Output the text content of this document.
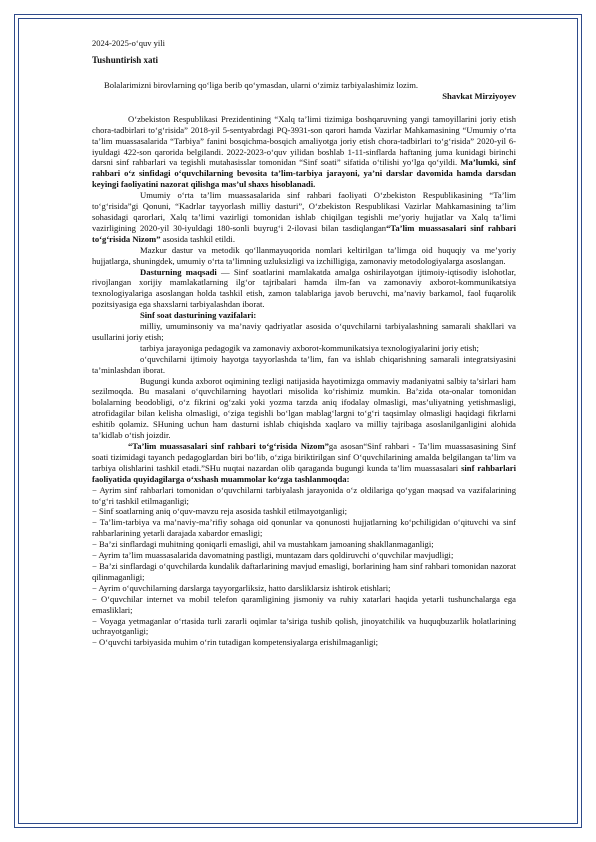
2024-2025-o‘quv yili

Tushuntirish xati

Bolalarimizni birovlarning qo‘liga berib qo‘ymasdan, ularni o‘zimiz tarbiyalashimiz lozim.

Shavkat Mirziyoyev

O‘zbekiston Respublikasi Prezidentining “Xalq ta’limi tizimiga boshqaruvning yangi tamoyillarini joriy etish chora-tadbirlari to‘g‘risida” 2018-yil 5-sentyabrdagi PQ-3931-son qarori hamda Vazirlar Mahkamasining “Umumiy o‘rta ta’lim muassasalarida “Tarbiya” fanini bosqichma-bosqich amaliyotga joriy etish chora-tadbirlari to‘g‘risida” 2020-yil 6-iyuldagi 422-son qarorida belgilandi. 2022-2023-o‘quv yilidan boshlab 1-11-sinflarda haftaning juma kunidagi birinchi darsni sinf rahbarlari va tegishli mutahasisslar tomonidan “Sinf soati” sifatida o‘tilishi yo‘lga qo‘yildi. Ma’lumki, sinf rahbari o‘z sinfidagi o‘quvchilarning bevosita ta’lim-tarbiya jarayoni, ya’ni darslar davomida hamda darsdan keyingi faoliyatini nazorat qilishga mas’ul shaxs hisoblanadi.

Umumiy o‘rta ta’lim muassasalarida sinf rahbari faoliyati O‘zbekiston Respublikasining “Ta’lim to‘g‘risida”gi Qonuni, “Kadrlar tayyorlash milliy dasturi”, O‘zbekiston Respublikasi Vazirlar Mahkamasining ta’lim sohasidagi qarorlari, Xalq ta’limi vazirligi tomonidan ishlab chiqilgan tegishli me’yoriy hujjatlar va Xalq ta’limi vazirligining 2020-yil 30-iyuldagi 180-sonli buyrug‘i 2-ilovasi bilan tasdiqlangan“Ta’lim muassasalari sinf rahbari to‘g‘risida Nizom” asosida tashkil etildi.

Mazkur dastur va metodik qo‘llanmayuqorida nomlari keltirilgan ta’limga oid huquqiy va me’yoriy hujjatlarga, shuningdek, umumiy o‘rta ta’limning uzluksizligi va izchilligiga, zamonaviy metodologiyalarga asoslangan.

Dasturning maqsadi — Sinf soatlarini mamlakatda amalga oshirilayotgan ijtimoiy-iqtisodiy islohotlar, rivojlangan xorijiy mamlakatlarning ilg‘or tajribalari hamda ilm-fan va zamonaviy axborot-kommunikatsiya texnologiyalariga asoslangan holda tashkil etish, zamon talablariga javob beruvchi, ma’naviy barkamol, faol fuqarolik pozitsiyasiga ega shaxslarni tarbiyalashdan iborat.

Sinf soat dasturining vazifalari:

milliy, umuminsoniy va ma’naviy qadriyatlar asosida o‘quvchilarni tarbiyalashning samarali shakllari va usullarini joriy etish;

tarbiya jarayoniga pedagogik va zamonaviy axborot-kommunikatsiya texnologiyalarini joriy etish;

o‘quvchilarni ijtimoiy hayotga tayyorlashda ta’lim, fan va ishlab chiqarishning samarali integratsiyasini ta’minlashdan iborat.

Bugungi kunda axborot oqimining tezligi natijasida hayotimizga ommaviy madaniyatni salbiy ta’sirlari ham sezilmoqda. Bu masalani o‘quvchilarning hayotlari misolida ko‘rishimiz mumkin. Ba’zida ota-onalar tomonidan bolalarning beodobligi, o‘z fikrini og‘zaki yoki yozma tarzda aniq ifodalay olmasligi, mas’uliyatning yetishmasligi, atrofidagilar bilan kelisha olmasligi, o‘ziga tegishli bo‘lgan mablag‘largni to‘g‘ri taqsimlay olmasligi haqidagi fikrlarni eshitib qolamiz. SHuning uchun ham dasturni ishlab chiqishda xaqlaro va milliy tajribaga asoslanilganligini alohida ta’kidlab o‘tish joizdir.

“Ta’lim muassasalari sinf rahbari to‘g‘risida Nizom”ga asosan“Sinf rahbari - Ta’lim muassasasining Sinf soati tizimidagi tayanch pedagoglardan biri bo‘lib, o‘ziga biriktirilgan sinf O‘quvchilarining amalda belgilangan ta’lim va tarbiya olishlarini tashkil etadi.”SHu nuqtai nazardan olib qaraganda bugungi kunda ta’lim muassasalari sinf rahbarlari faoliyatida quyidagilarga o‘xshash muammolar ko‘zga tashlanmoqda:

− Ayrim sinf rahbarlari tomonidan o‘quvchilarni tarbiyalash jarayonida o‘z oldilariga qo‘ygan maqsad va vazifalarining to‘g‘ri tashkil etilmaganligi;

− Sinf soatlarning aniq o‘quv-mavzu reja asosida tashkil etilmayotganligi;

− Ta’lim-tarbiya va ma’naviy-ma’rifiy sohaga oid qonunlar va qonunosti hujjatlarning ko‘pchiligidan o‘qituvchi va sinf rahbarlarining yetarli darajada xabardor emasligi;

− Ba’zi sinflardagi muhitning qoniqarli emasligi, ahil va mustahkam jamoaning shakllanmaganligi;

− Ayrim ta’lim muassasalarida davomatning pastligi, muntazam dars qoldiruvchi o‘quvchilar mavjudligi;

− Ba’zi sinflardagi o‘quvchilarda kundalik daftarlarining mavjud emasligi, borlarining ham sinf rahbari tomonidan nazorat qilinmaganligi;

− Ayrim o‘quvchilarning darslarga tayyorgarliksiz, hatto darsliklarsiz ishtirok etishlari;

− O‘quvchilar internet va mobil telefon qaramligining jismoniy va ruhiy xatarlari haqida yetarli tushunchalarga ega emasliklari;

− Voyaga yetmaganlar o‘rtasida turli zararli oqimlar ta’siriga tushib qolish, jinoyatchilik va huquqbuzarlik holatlarining uchrayotganligi;

− O‘quvchi tarbiyasida muhim o‘rin tutadigan kompetensiyalarga erishilmaganligi;
